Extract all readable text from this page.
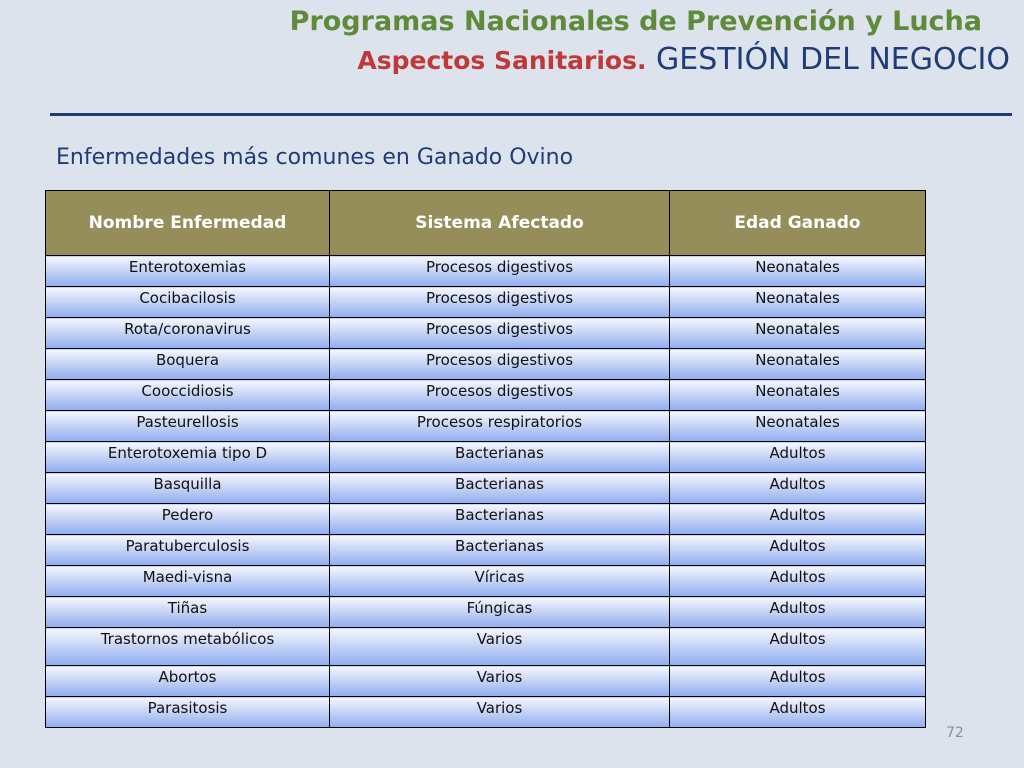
Programas Nacionales de Prevención y Lucha
Aspectos Sanitarios. GESTIÓN DEL NEGOCIO
Enfermedades más comunes en Ganado Ovino
Nombre Enfermedad	Sistema Afectado	Edad Ganado
Enterotoxemias	Procesos digestivos	Neonatales
Cocibacilosis	Procesos digestivos	Neonatales
Rota/coronavirus	Procesos digestivos	Neonatales
Boquera	Procesos digestivos	Neonatales
Cooccidiosis	Procesos digestivos	Neonatales
Pasteurellosis	Procesos respiratorios	Neonatales
Enterotoxemia tipo D	Bacterianas	Adultos
Basquilla	Bacterianas	Adultos
Pedero	Bacterianas	Adultos
Paratuberculosis	Bacterianas	Adultos
Maedi-visna	Víricas	Adultos
Tiñas	Fúngicas	Adultos
Trastornos metabólicos	Varios	Adultos
Abortos	Varios	Adultos
Parasitosis	Varios	Adultos
72
